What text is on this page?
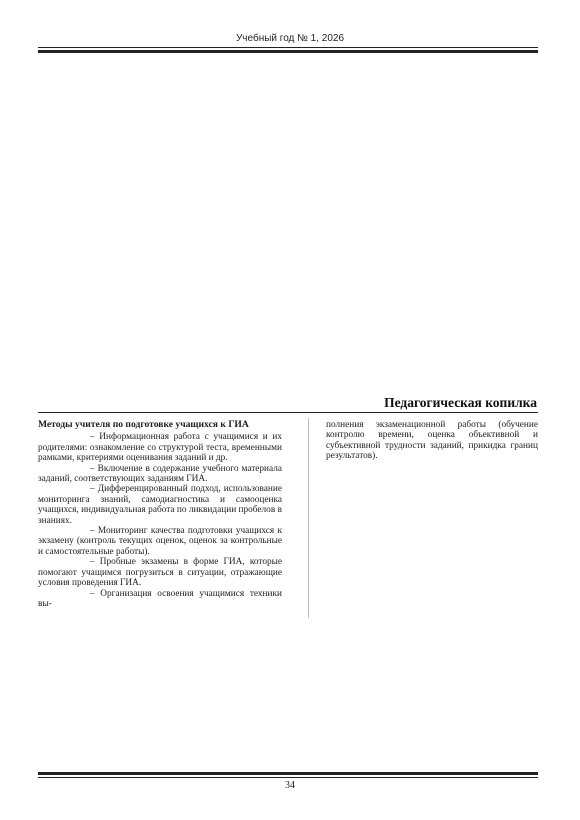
Учебный год № 1, 2026
Педагогическая копилка

Методы учителя по подготовке учащихся к ГИА

– Информационная работа с учащимися и их родителями: ознакомление со структурой теста, временными рамками, критериями оценивания заданий и др.

– Включение в содержание учебного материала заданий, соответствующих заданиям ГИА.

– Дифференцированный подход, использование мониторинга знаний, самодиагностика и самооценка учащихся, индивидуальная работа по ликвидации пробелов в знаниях.

– Мониторинг качества подготовки учащихся к экзамену (контроль текущих оценок, оценок за контрольные и самостоятельные работы).

– Пробные экзамены в форме ГИА, которые помогают учащимся погрузиться в ситуации, отражающие условия проведения ГИА.

– Организация освоения учащимися техники вы-

полнения экзаменационной работы (обучение контролю времени, оценка объективной и субъективной трудности заданий, прикидка границ результатов).

34
